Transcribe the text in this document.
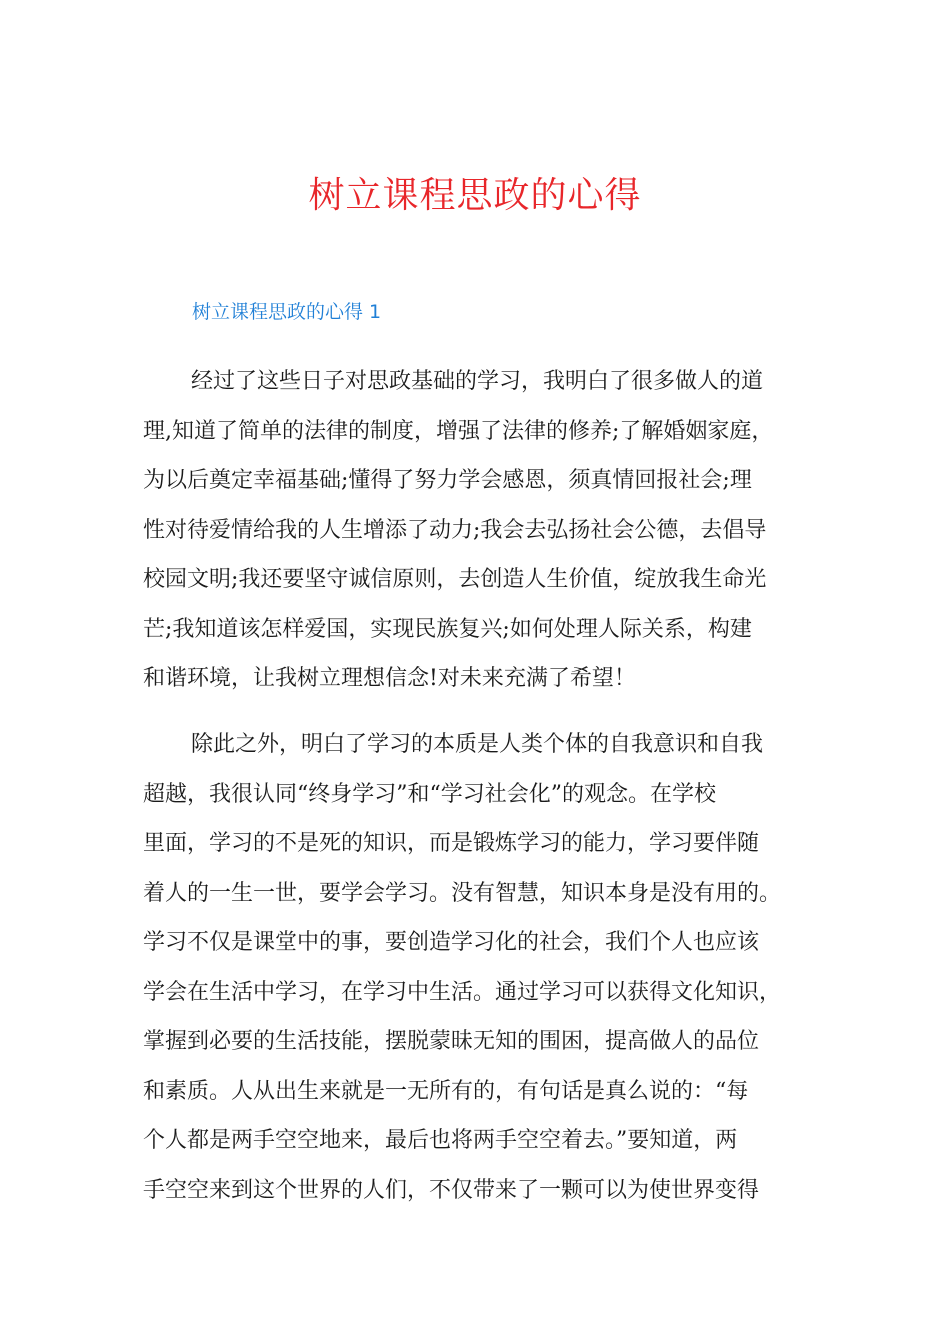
树立课程思政的心得
树立课程思政的心得 1
经过了这些日子对思政基础的学习，我明白了很多做人的道
理,知道了简单的法律的制度，增强了法律的修养;了解婚姻家庭，
为以后奠定幸福基础;懂得了努力学会感恩，须真情回报社会;理
性对待爱情给我的人生增添了动力;我会去弘扬社会公德，去倡导
校园文明;我还要坚守诚信原则，去创造人生价值，绽放我生命光
芒;我知道该怎样爱国，实现民族复兴;如何处理人际关系，构建
和谐环境，让我树立理想信念!对未来充满了希望！
除此之外，明白了学习的本质是人类个体的自我意识和自我
超越，我很认同“终身学习”和“学习社会化”的观念。在学校
里面，学习的不是死的知识，而是锻炼学习的能力，学习要伴随
着人的一生一世，要学会学习。没有智慧，知识本身是没有用的。
学习不仅是课堂中的事，要创造学习化的社会，我们个人也应该
学会在生活中学习，在学习中生活。通过学习可以获得文化知识，
掌握到必要的生活技能，摆脱蒙昧无知的围困，提高做人的品位
和素质。人从出生来就是一无所有的，有句话是真么说的：“每
个人都是两手空空地来，最后也将两手空空着去。”要知道，两
手空空来到这个世界的人们，不仅带来了一颗可以为使世界变得
